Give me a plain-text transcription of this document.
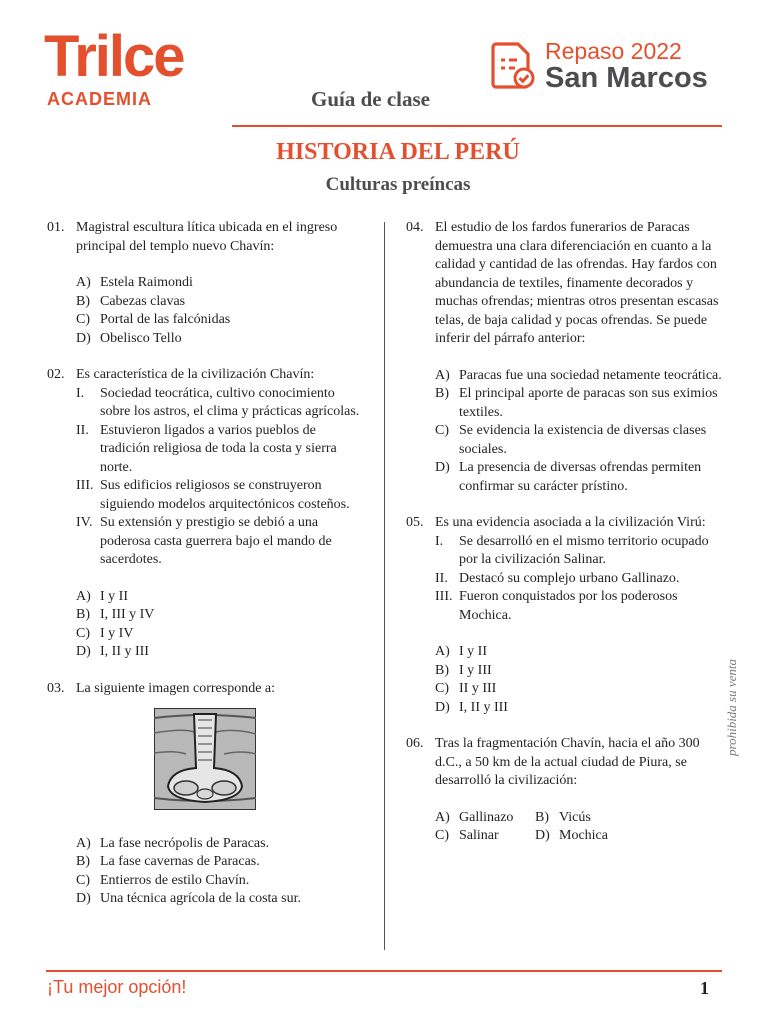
Trilce
ACADEMIA
Repaso 2022
San Marcos
Guía de clase
HISTORIA DEL PERÚ
Culturas preíncas
01. Magistral escultura lítica ubicada en el ingreso principal del templo nuevo Chavín:
A) Estela Raimondi
B) Cabezas clavas
C) Portal de las falcónidas
D) Obelisco Tello
02. Es característica de la civilización Chavín:
I.	Sociedad teocrática, cultivo conocimiento sobre los astros, el clima y prácticas agrícolas.
II. Estuvieron ligados a varios pueblos de tradición religiosa de toda la costa y sierra norte.
III. Sus edificios religiosos se construyeron siguiendo modelos arquitectónicos costeños.
IV. Su extensión y prestigio se debió a una poderosa casta guerrera bajo el mando de sacerdotes.
A) I y II
B) I, III y IV
C) I y IV
D) I, II y III
03. La siguiente imagen corresponde a:
A) La fase necrópolis de Paracas.
B) La fase cavernas de Paracas.
C) Entierros de estilo Chavín.
D) Una técnica agrícola de la costa sur.
04. El estudio de los fardos funerarios de Paracas demuestra una clara diferenciación en cuanto a la calidad y cantidad de las ofrendas. Hay fardos con abundancia de textiles, finamente decorados y muchas ofrendas; mientras otros presentan escasas telas, de baja calidad y pocas ofrendas. Se puede inferir del párrafo anterior:
A) Paracas fue una sociedad netamente teocrática.
B) El principal aporte de paracas son sus eximios textiles.
C) Se evidencia la existencia de diversas clases sociales.
D) La presencia de diversas ofrendas permiten confirmar su carácter prístino.
05. Es una evidencia asociada a la civilización Virú:
I.	Se desarrolló en el mismo territorio ocupado por la civilización Salinar.
II. Destacó su complejo urbano Gallinazo.
III. Fueron conquistados por los poderosos Mochica.
A) I y II
B) I y III
C) II y III
D) I, II y III
06. Tras la fragmentación Chavín, hacia el año 300 d.C., a 50 km de la actual ciudad de Piura, se desarrolló la civilización:
A) Gallinazo	B) Vicús
C) Salinar	D) Mochica
prohibida su venta
¡Tu mejor opción!	1
